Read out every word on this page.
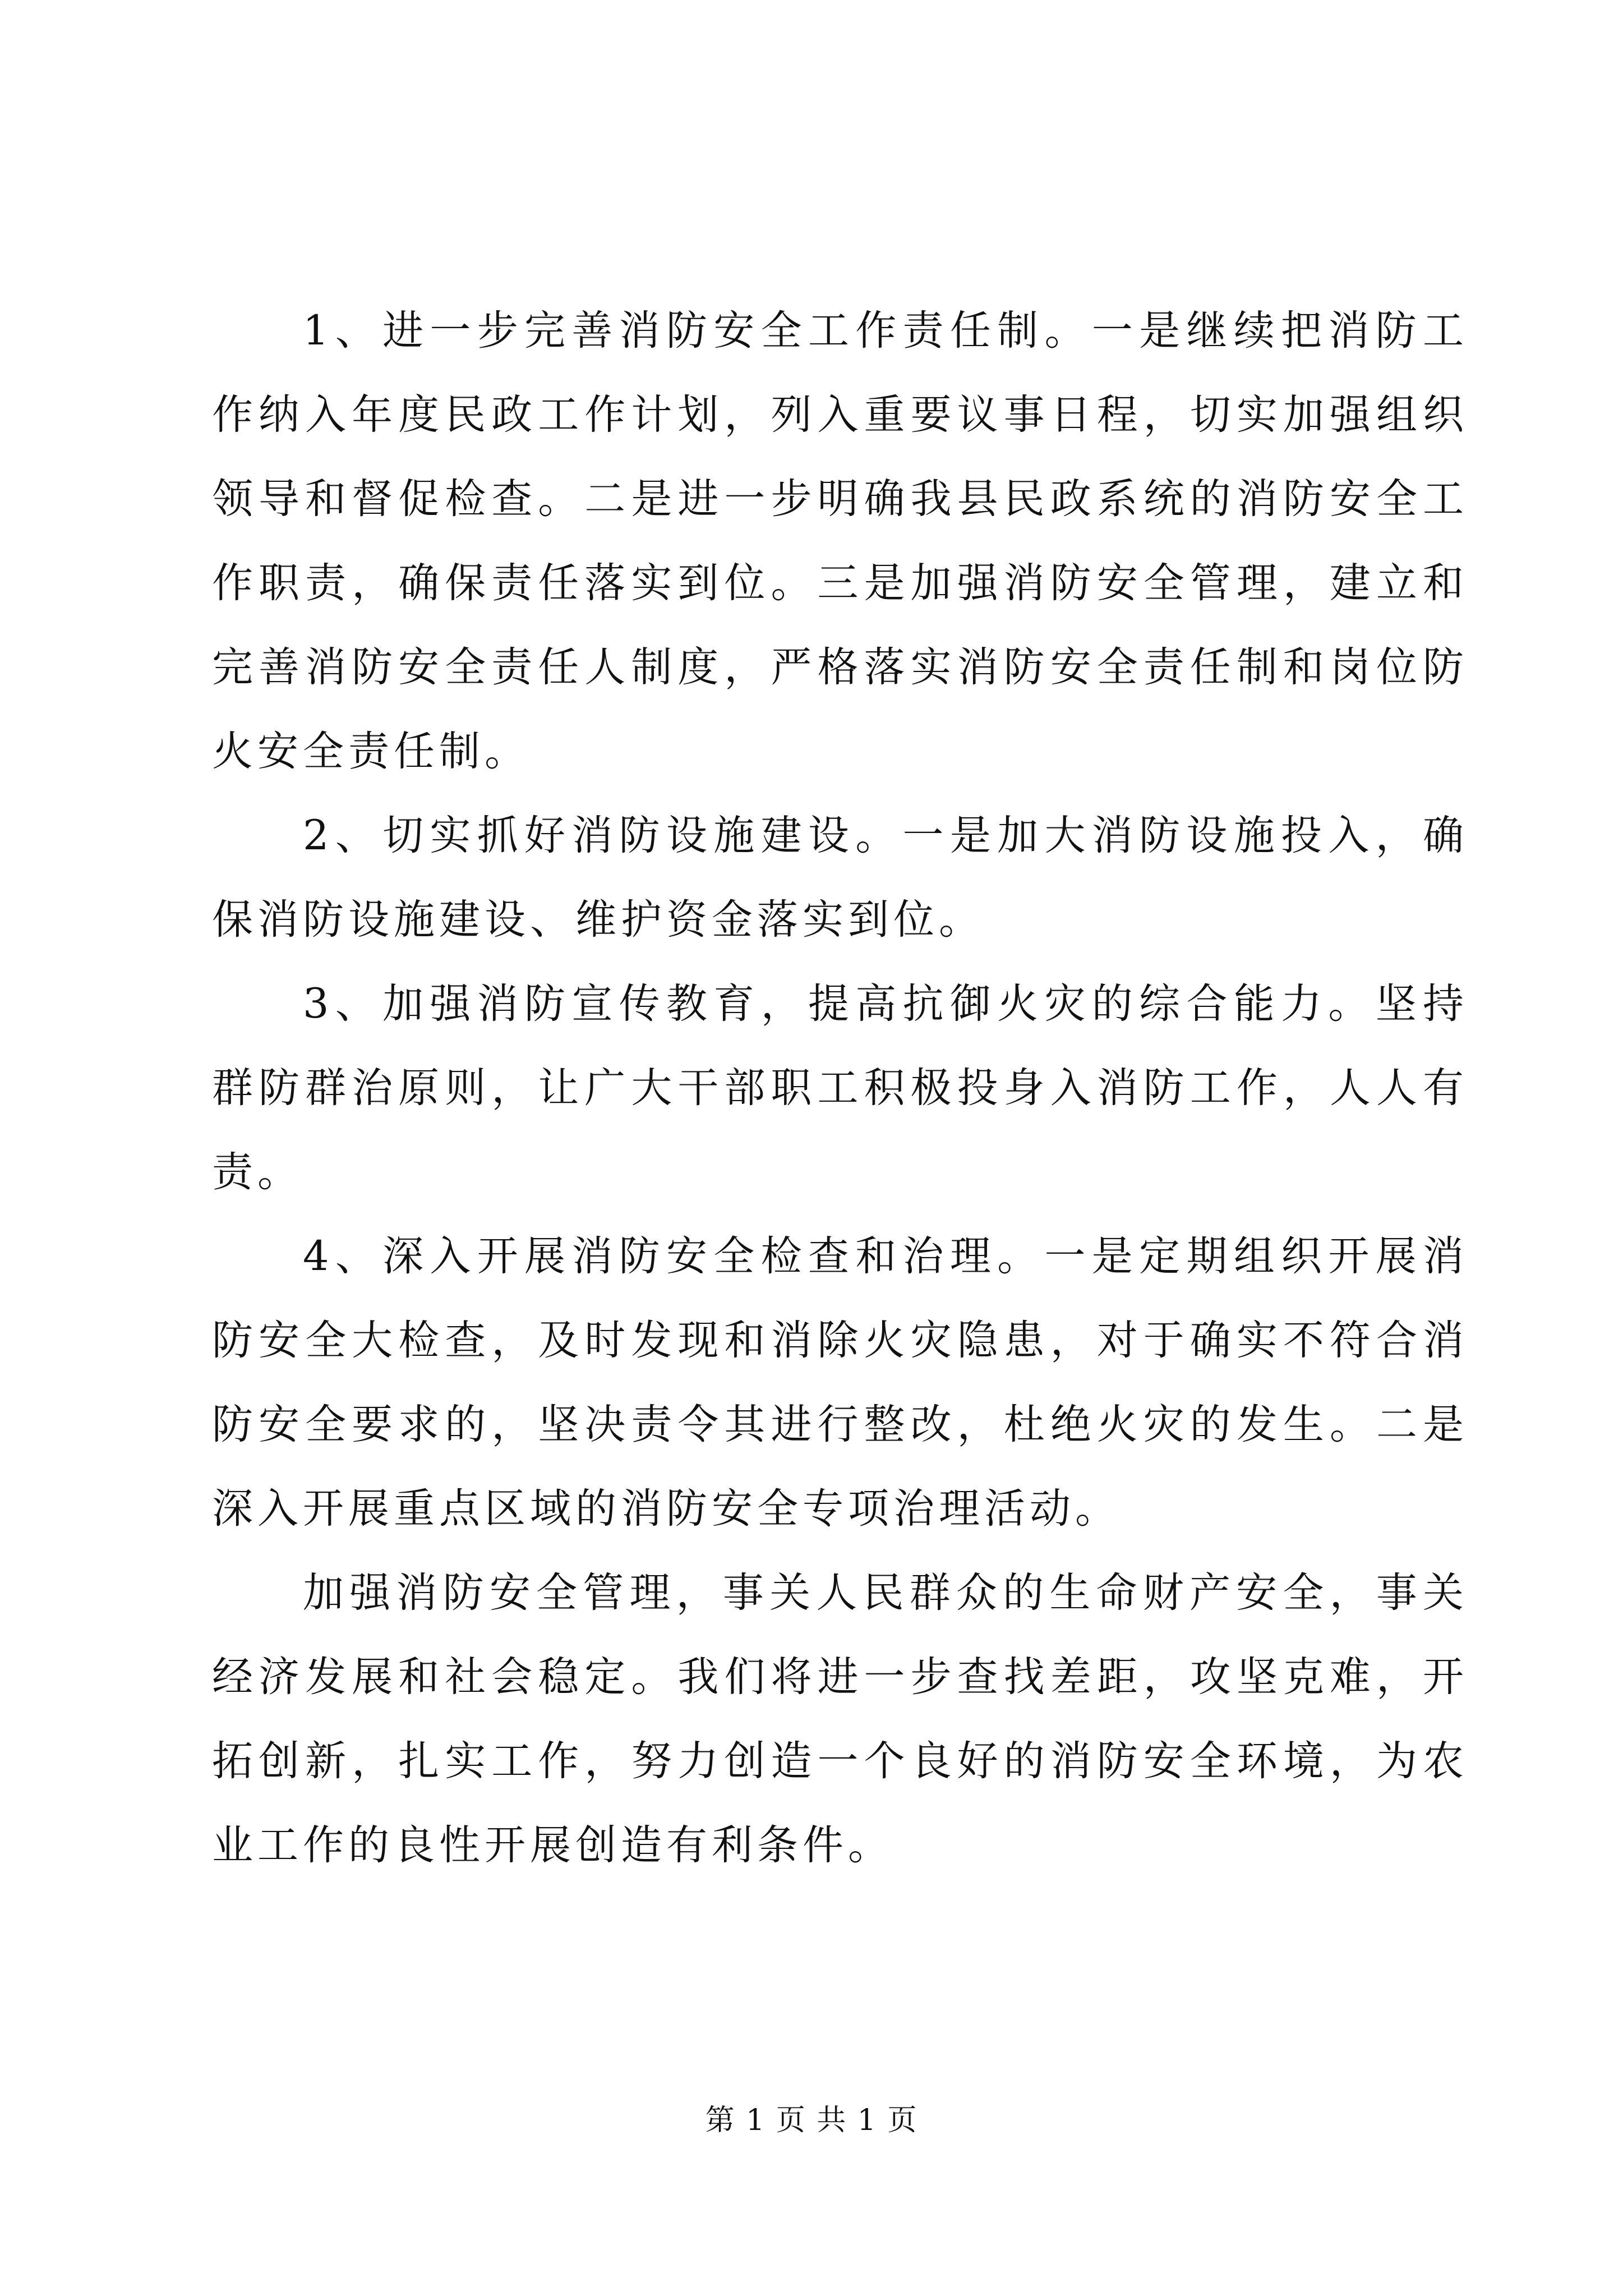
1、进一步完善消防安全工作责任制。一是继续把消防工作纳入年度民政工作计划，列入重要议事日程，切实加强组织领导和督促检查。二是进一步明确我县民政系统的消防安全工作职责，确保责任落实到位。三是加强消防安全管理，建立和完善消防安全责任人制度，严格落实消防安全责任制和岗位防火安全责任制。

2、切实抓好消防设施建设。一是加大消防设施投入，确保消防设施建设、维护资金落实到位。

3、加强消防宣传教育，提高抗御火灾的综合能力。坚持群防群治原则，让广大干部职工积极投身入消防工作，人人有责。

4、深入开展消防安全检查和治理。一是定期组织开展消防安全大检查，及时发现和消除火灾隐患，对于确实不符合消防安全要求的，坚决责令其进行整改，杜绝火灾的发生。二是深入开展重点区域的消防安全专项治理活动。

加强消防安全管理，事关人民群众的生命财产安全，事关经济发展和社会稳定。我们将进一步查找差距，攻坚克难，开拓创新，扎实工作，努力创造一个良好的消防安全环境，为农业工作的良性开展创造有利条件。

第 1 页 共 1 页
